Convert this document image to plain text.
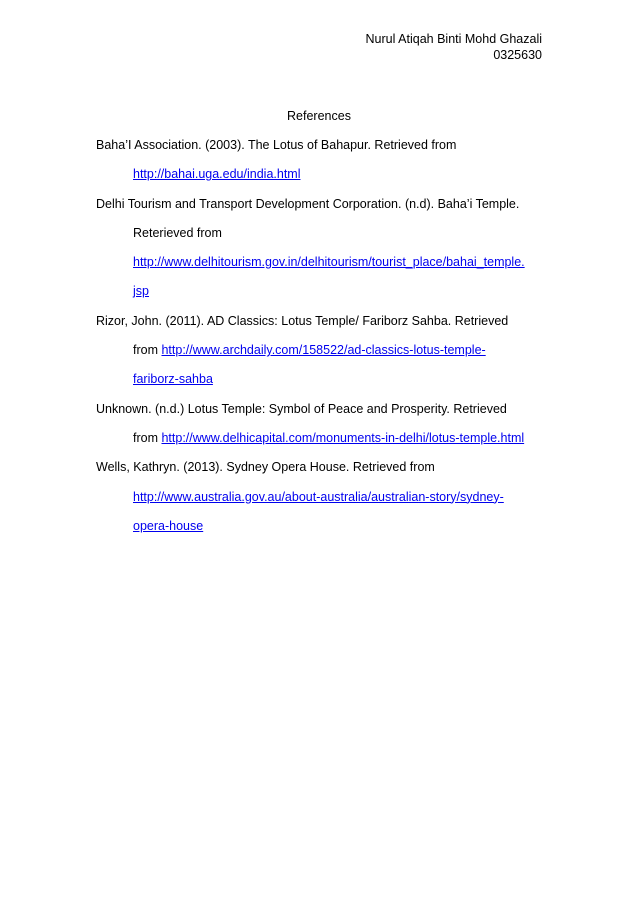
Nurul Atiqah Binti Mohd Ghazali
0325630
References
Baha’I Association. (2003). The Lotus of Bahapur. Retrieved from
http://bahai.uga.edu/india.html
Delhi Tourism and Transport Development Corporation. (n.d). Baha’i Temple.
Reterieved from
http://www.delhitourism.gov.in/delhitourism/tourist_place/bahai_temple.
jsp
Rizor, John. (2011). AD Classics: Lotus Temple/ Fariborz Sahba. Retrieved
from http://www.archdaily.com/158522/ad-classics-lotus-temple-
fariborz-sahba
Unknown. (n.d.) Lotus Temple: Symbol of Peace and Prosperity. Retrieved
from http://www.delhicapital.com/monuments-in-delhi/lotus-temple.html
Wells, Kathryn. (2013). Sydney Opera House. Retrieved from
http://www.australia.gov.au/about-australia/australian-story/sydney-
opera-house
